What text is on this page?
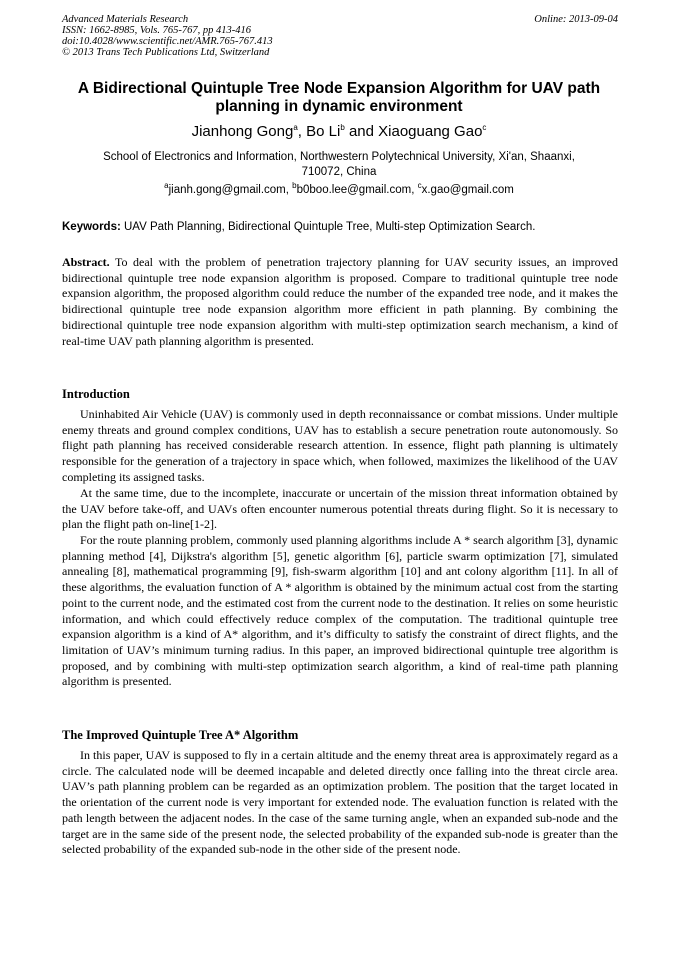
Advanced Materials Research
ISSN: 1662-8985, Vols. 765-767, pp 413-416
doi:10.4028/www.scientific.net/AMR.765-767.413
© 2013 Trans Tech Publications Ltd, Switzerland
Online: 2013-09-04
A Bidirectional Quintuple Tree Node Expansion Algorithm for UAV path
planning in dynamic environment
Jianhong Gong$^a$, Bo Li$^b$ and Xiaoguang Gao$^c$
School of Electronics and Information, Northwestern Polytechnical University, Xi'an, Shaanxi,
710072, China
$^a$jianh.gong@gmail.com, $^b$b0boo.lee@gmail.com, $^c$x.gao@gmail.com
Keywords: UAV Path Planning, Bidirectional Quintuple Tree, Multi-step Optimization Search.

Abstract. To deal with the problem of penetration trajectory planning for UAV security issues, an improved bidirectional quintuple tree node expansion algorithm is proposed. Compare to traditional quintuple tree node expansion algorithm, the proposed algorithm could reduce the number of the expanded tree node, and it makes the bidirectional quintuple tree node expansion algorithm more efficient in path planning. By combining the bidirectional quintuple tree node expansion algorithm with multi-step optimization search mechanism, a kind of real-time UAV path planning algorithm is presented.

Introduction

Uninhabited Air Vehicle (UAV) is commonly used in depth reconnaissance or combat missions. Under multiple enemy threats and ground complex conditions, UAV has to establish a secure penetration route autonomously. So flight path planning has received considerable research attention. In essence, flight path planning is ultimately responsible for the generation of a trajectory in space which, when followed, maximizes the likelihood of the UAV completing its assigned tasks.

At the same time, due to the incomplete, inaccurate or uncertain of the mission threat information obtained by the UAV before take-off, and UAVs often encounter numerous potential threats during flight. So it is necessary to plan the flight path on-line[1-2].

For the route planning problem, commonly used planning algorithms include A * search algorithm [3], dynamic planning method [4], Dijkstra's algorithm [5], genetic algorithm [6], particle swarm optimization [7], simulated annealing [8], mathematical programming [9], fish-swarm algorithm [10] and ant colony algorithm [11]. In all of these algorithms, the evaluation function of A * algorithm is obtained by the minimum actual cost from the starting point to the current node, and the estimated cost from the current node to the destination. It relies on some heuristic information, and which could effectively reduce complex of the computation. The traditional quintuple tree expansion algorithm is a kind of A* algorithm, and it’s difficulty to satisfy the constraint of direct flights, and the limitation of UAV’s minimum turning radius. In this paper, an improved bidirectional quintuple tree algorithm is proposed, and by combining with multi-step optimization search algorithm, a kind of real-time path planning algorithm is presented.

The Improved Quintuple Tree A* Algorithm

In this paper, UAV is supposed to fly in a certain altitude and the enemy threat area is approximately regard as a circle. The calculated node will be deemed incapable and deleted directly once falling into the threat circle area. UAV’s path planning problem can be regarded as an optimization problem. The position that the target located in the orientation of the current node is very important for extended node. The evaluation function is related with the path length between the adjacent nodes. In the case of the same turning angle, when an expanded sub-node and the target are in the same side of the present node, the selected probability of the expanded sub-node is greater than the selected probability of the expanded sub-node in the other side of the present node.
